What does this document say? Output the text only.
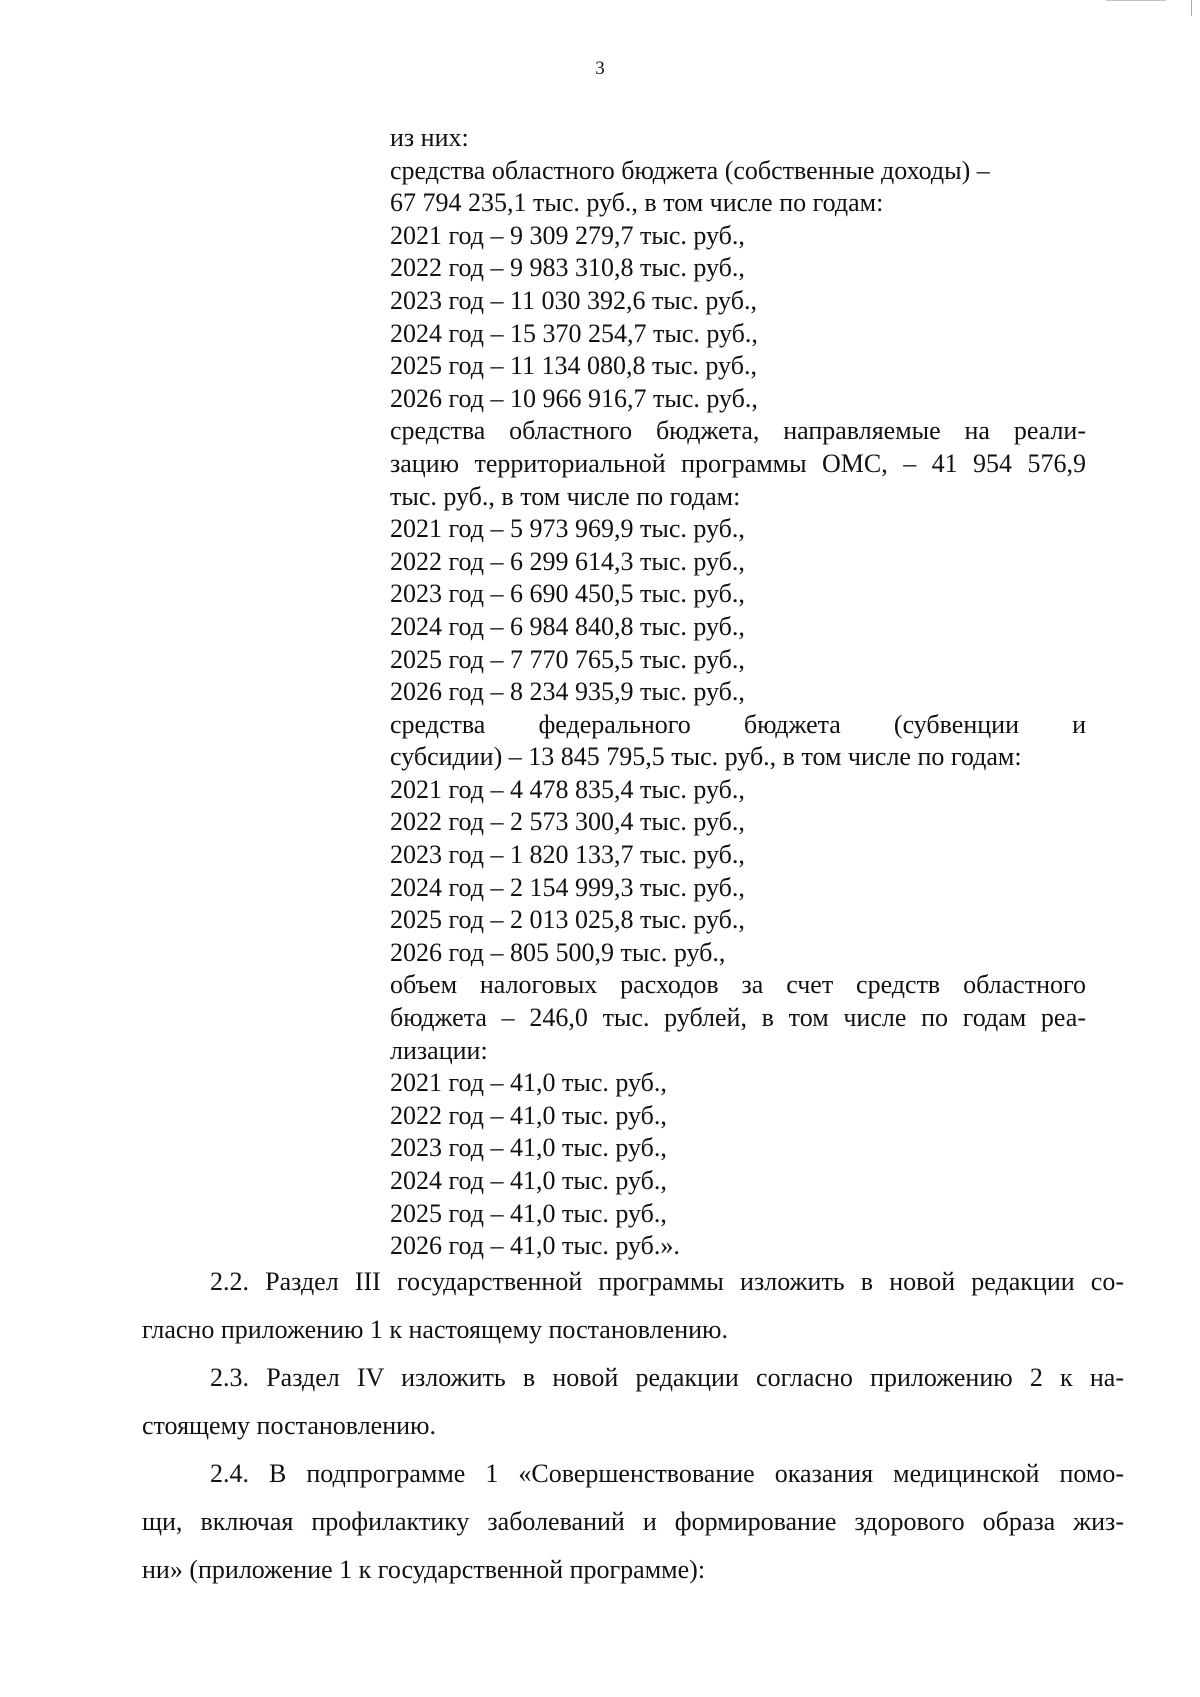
3
из них:
средства областного бюджета (собственные доходы) –
67 794 235,1 тыс. руб., в том числе по годам:
2021 год – 9 309 279,7 тыс. руб.,
2022 год – 9 983 310,8 тыс. руб.,
2023 год – 11 030 392,6 тыс. руб.,
2024 год – 15 370 254,7 тыс. руб.,
2025 год – 11 134 080,8 тыс. руб.,
2026 год – 10 966 916,7 тыс. руб.,
средства областного бюджета, направляемые на реали-
зацию территориальной программы ОМС, – 41 954 576,9
тыс. руб., в том числе по годам:
2021 год – 5 973 969,9 тыс. руб.,
2022 год – 6 299 614,3 тыс. руб.,
2023 год – 6 690 450,5 тыс. руб.,
2024 год – 6 984 840,8 тыс. руб.,
2025 год – 7 770 765,5 тыс. руб.,
2026 год – 8 234 935,9 тыс. руб.,
средства федерального бюджета (субвенции и
субсидии) – 13 845 795,5 тыс. руб., в том числе по годам:
2021 год – 4 478 835,4 тыс. руб.,
2022 год – 2 573 300,4 тыс. руб.,
2023 год – 1 820 133,7 тыс. руб.,
2024 год – 2 154 999,3 тыс. руб.,
2025 год – 2 013 025,8 тыс. руб.,
2026 год – 805 500,9 тыс. руб.,
объем налоговых расходов за счет средств областного
бюджета – 246,0 тыс. рублей, в том числе по годам реа-
лизации:
2021 год – 41,0 тыс. руб.,
2022 год – 41,0 тыс. руб.,
2023 год – 41,0 тыс. руб.,
2024 год – 41,0 тыс. руб.,
2025 год – 41,0 тыс. руб.,
2026 год – 41,0 тыс. руб.».

2.2. Раздел III государственной программы изложить в новой редакции со-
гласно приложению 1 к настоящему постановлению.

2.3. Раздел IV изложить в новой редакции согласно приложению 2 к на-
стоящему постановлению.

2.4. В подпрограмме 1 «Совершенствование оказания медицинской помо-
щи, включая профилактику заболеваний и формирование здорового образа жиз-
ни» (приложение 1 к государственной программе):
